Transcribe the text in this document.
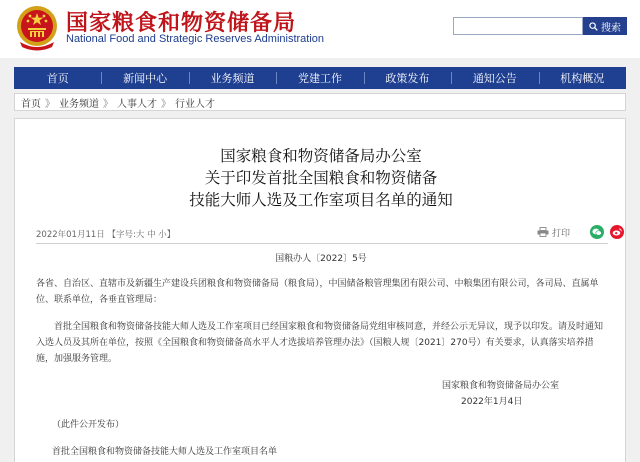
国家粮食和物资储备局
National Food and Strategic Reserves Administration
搜索
首页	新闻中心	业务频道	党建工作	政策发布	通知公告	机构概况
首页 》 业务频道 》 人事人才 》 行业人才
国家粮食和物资储备局办公室
关于印发首批全国粮食和物资储备
技能大师人选及工作室项目名单的通知
2022年01月11日 【字号:大 中 小】	打印
国粮办人〔2022〕5号
各省、自治区、直辖市及新疆生产建设兵团粮食和物资储备局（粮食局），中国储备粮管理集团有限公司、中粮集团有限公司，各司局、直属单位、联系单位，各垂直管理局：
首批全国粮食和物资储备技能大师人选及工作室项目已经国家粮食和物资储备局党组审核同意，并经公示无异议，现予以印发。请及时通知入选人员及其所在单位，按照《全国粮食和物资储备高水平人才选拔培养管理办法》（国粮人规〔2021〕270号）有关要求，认真落实培养措施，加强服务管理。
国家粮食和物资储备局办公室
2022年1月4日
（此件公开发布）
首批全国粮食和物资储备技能大师人选及工作室项目名单
